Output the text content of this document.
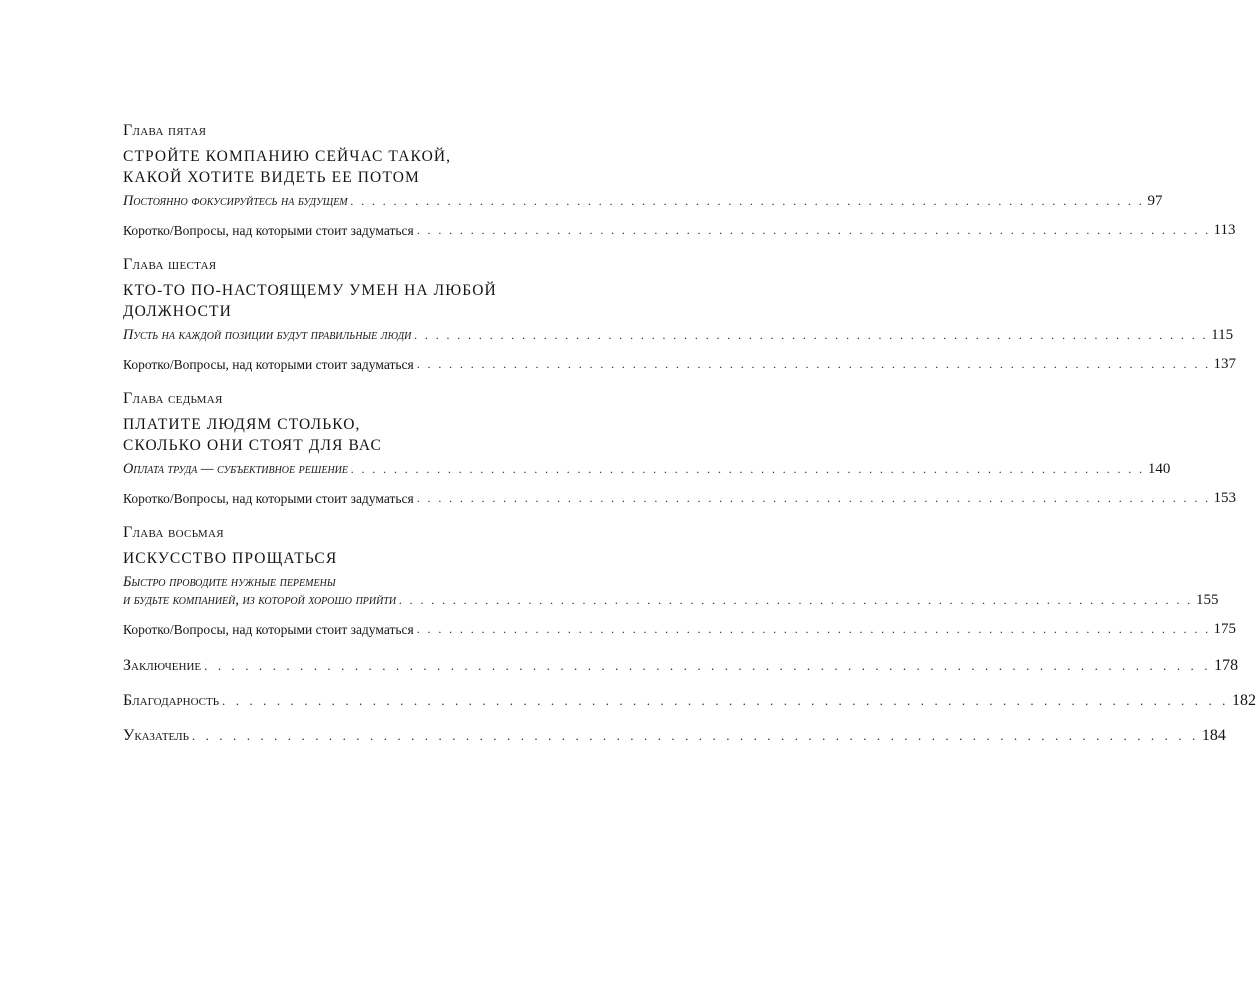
Глава пятая
СТРОЙТЕ КОМПАНИЮ СЕЙЧАС ТАКОЙ,
КАКОЙ ХОТИТЕ ВИДЕТЬ ЕЕ ПОТОМ
Постоянно фокусируйтесь на будущем . . . . . . . . . . . . . . . . . . . . . . . . . . . . . . . . . . . . . . . . . . . . . . . . . . . . . . . . . . . . . . . . . . . . . . . . . . 97
Коротко/Вопросы, над которыми стоит задуматься . . . . . . . . . . . . . . . . . . . . . . . . . . . . . . . . . . . . . . . . . . . . . . . . . . . . . . . . . . . . . . . . . . . . . . . . . . 113
Глава шестая
КТО-ТО ПО-НАСТОЯЩЕМУ УМЕН НА ЛЮБОЙ
ДОЛЖНОСТИ
Пусть на каждой позиции будут правильные люди . . . . . . . . . . . . . . . . . . . . . . . . . . . . . . . . . . . . . . . . . . . . . . . . . . . . . . . . . . . . . . . . . . . . . . . . . . 115
Коротко/Вопросы, над которыми стоит задуматься . . . . . . . . . . . . . . . . . . . . . . . . . . . . . . . . . . . . . . . . . . . . . . . . . . . . . . . . . . . . . . . . . . . . . . . . . . 137
Глава седьмая
ПЛАТИТЕ ЛЮДЯМ СТОЛЬКО,
СКОЛЬКО ОНИ СТОЯТ ДЛЯ ВАС
Оплата труда — субъективное решение . . . . . . . . . . . . . . . . . . . . . . . . . . . . . . . . . . . . . . . . . . . . . . . . . . . . . . . . . . . . . . . . . . . . . . . . . . 140
Коротко/Вопросы, над которыми стоит задуматься . . . . . . . . . . . . . . . . . . . . . . . . . . . . . . . . . . . . . . . . . . . . . . . . . . . . . . . . . . . . . . . . . . . . . . . . . . 153
Глава восьмая
ИСКУССТВО ПРОЩАТЬСЯ
Быстро проводите нужные перемены
и будьте компанией, из которой хорошо прийти . . . . . . . . . . . . . . . . . . . . . . . . . . . . . . . . . . . . . . . . . . . . . . . . . . . . . . . . . . . . . . . . . . . . . . . . . . 155
Коротко/Вопросы, над которыми стоит задуматься . . . . . . . . . . . . . . . . . . . . . . . . . . . . . . . . . . . . . . . . . . . . . . . . . . . . . . . . . . . . . . . . . . . . . . . . . . 175
Заключение . . . . . . . . . . . . . . . . . . . . . . . . . . . . . . . . . . . . . . . . . . . . . . . . . . . . . . . . . . . . . . . . . . . . . . . . . . 178
Благодарность . . . . . . . . . . . . . . . . . . . . . . . . . . . . . . . . . . . . . . . . . . . . . . . . . . . . . . . . . . . . . . . . . . . . . . . . . . 182
Указатель . . . . . . . . . . . . . . . . . . . . . . . . . . . . . . . . . . . . . . . . . . . . . . . . . . . . . . . . . . . . . . . . . . . . . . . . . . 184
